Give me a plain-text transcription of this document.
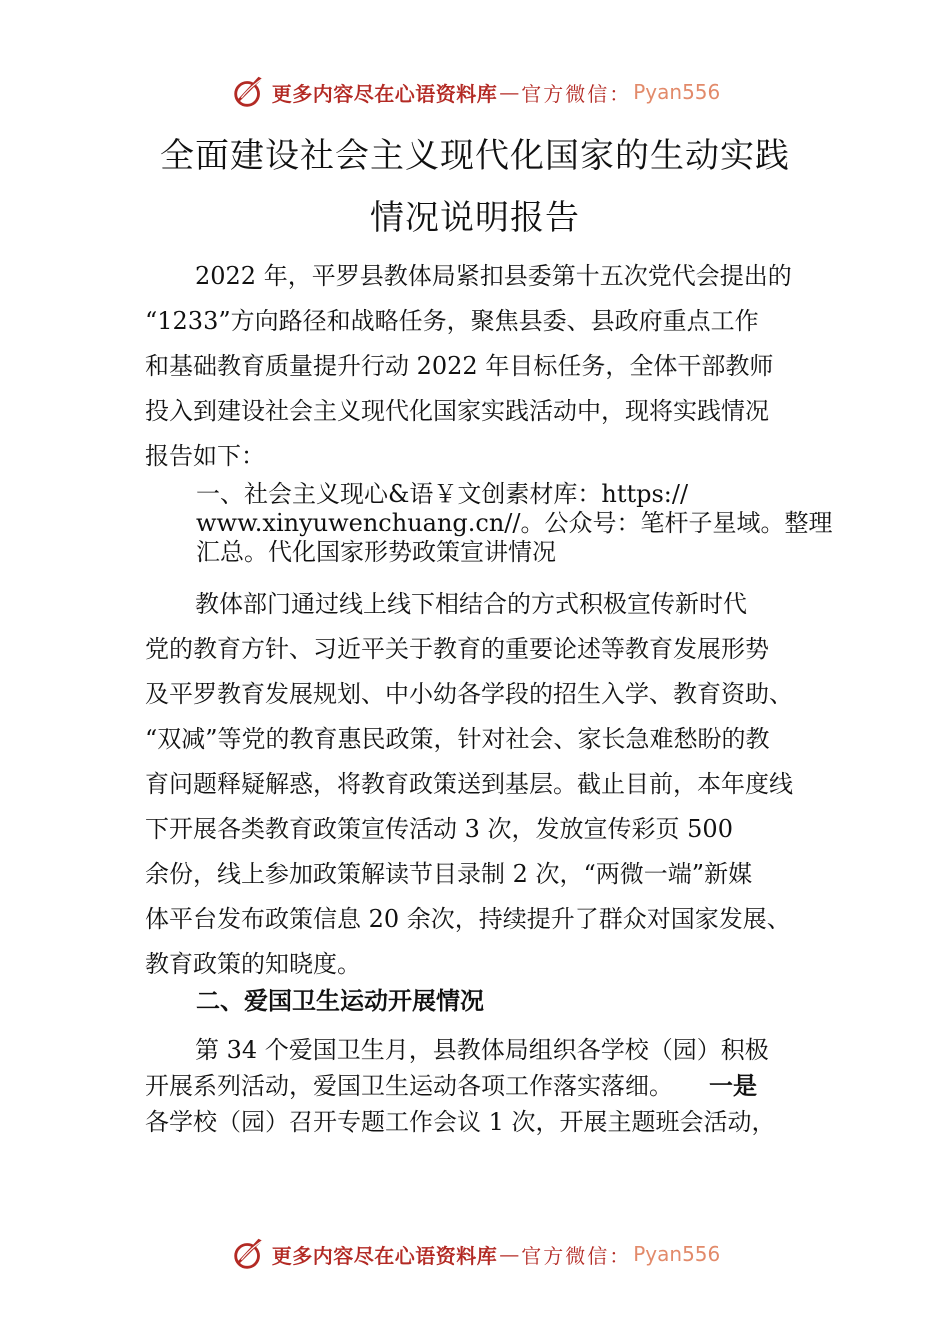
更多内容尽在心语资料库 — 官方微信： Pyan556
全面建设社会主义现代化国家的生动实践
情况说明报告
2022 年，平罗县教体局紧扣县委第十五次党代会提出的
“1233”方向路径和战略任务，聚焦县委、县政府重点工作
和基础教育质量提升行动 2022 年目标任务，全体干部教师
投入到建设社会主义现代化国家实践活动中，现将实践情况
报告如下：
一、社会主义现心&语￥文创素材库：https://
www.xinyuwenchuang.cn//。公众号：笔杆子星域。整理
汇总。代化国家形势政策宣讲情况
教体部门通过线上线下相结合的方式积极宣传新时代
党的教育方针、习近平关于教育的重要论述等教育发展形势
及平罗教育发展规划、中小幼各学段的招生入学、教育资助、
“双减”等党的教育惠民政策，针对社会、家长急难愁盼的教
育问题释疑解惑，将教育政策送到基层。截止目前，本年度线
下开展各类教育政策宣传活动 3 次，发放宣传彩页 500
余份，线上参加政策解读节目录制 2 次，“两微一端”新媒
体平台发布政策信息 20 余次，持续提升了群众对国家发展、
教育政策的知晓度。
二、爱国卫生运动开展情况
第 34 个爱国卫生月，县教体局组织各学校（园）积极
开展系列活动，爱国卫生运动各项工作落实落细。 一是
各学校（园）召开专题工作会议 1 次，开展主题班会活动，
更多内容尽在心语资料库 — 官方微信： Pyan556
